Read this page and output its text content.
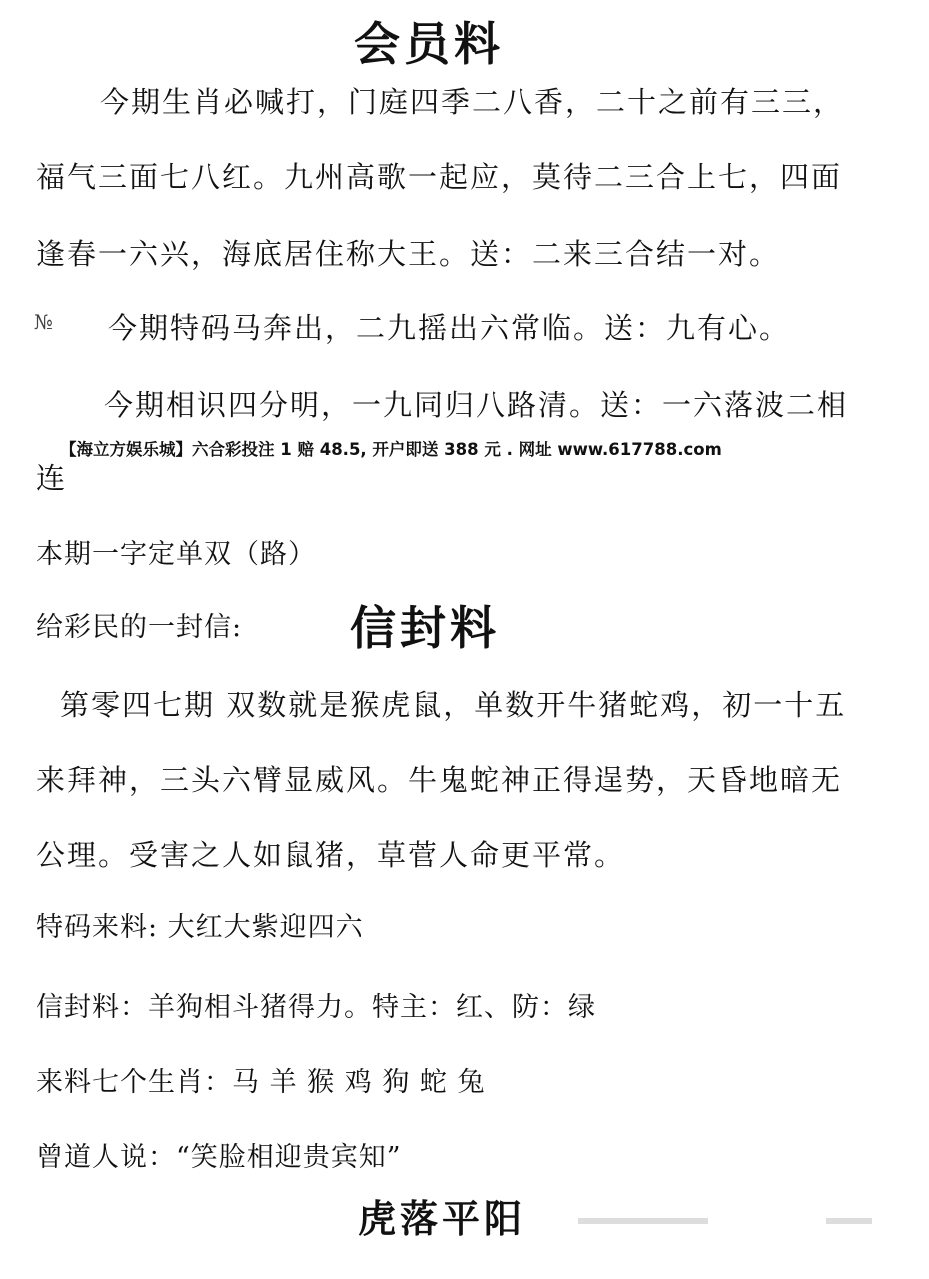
会员料

今期生肖必喊打，门庭四季二八香，二十之前有三三，

福气三面七八红。九州高歌一起应，莫待二三合上七，四面

逢春一六兴，海底居住称大王。送：二来三合结一对。

№ 今期特码马奔出，二九摇出六常临。送：九有心。

今期相识四分明，一九同归八路清。送：一六落波二相

【海立方娱乐城】六合彩投注 1 赔 48.5, 开户即送 388 元 . 网址 www.617788.com

连

本期一字定单双（路）

给彩民的一封信: 信封料

第零四七期 双数就是猴虎鼠，单数开牛猪蛇鸡，初一十五

来拜神，三头六臂显威风。牛鬼蛇神正得逞势，天昏地暗无

公理。受害之人如鼠猪，草菅人命更平常。

特码来料: 大红大紫迎四六

信封料：羊狗相斗猪得力。特主：红、防：绿

来料七个生肖：马 羊 猴 鸡 狗 蛇 兔

曾道人说：“笑脸相迎贵宾知”

虎落平阳
